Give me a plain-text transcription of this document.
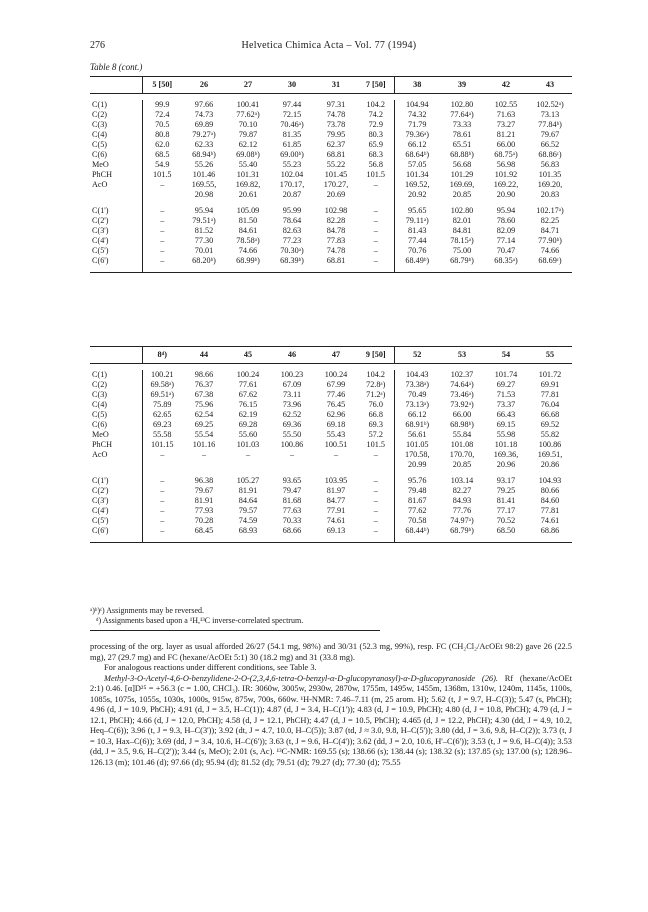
276	Helvetica Chimica Acta – Vol. 77 (1994)
Table 8 (cont.)
	5 [50]	26	27	30	31	7 [50]	38	39	42	43

C(1)	99.9	97.66	100.41	97.44	97.31	104.2	104.94	102.80	102.55	102.52ᵃ)
C(2)	72.4	74.73	77.62ᵃ)	72.15	74.78	74.2	74.32	77.64ᵃ)	71.63	73.13
C(3)	70.5	69.89	70.10	70.46ᵃ)	73.78	72.9	71.79	73.33	73.27	77.84ᵇ)
C(4)	80.8	79.27ᵃ)	79.87	81.35	79.95	80.3	79.36ᵃ)	78.61	81.21	79.67
C(5)	62.0	62.33	62.12	61.85	62.37	65.9	66.12	65.51	66.00	66.52
C(6)	68.5	68.94ᵇ)	69.08ᵇ)	69.00ᵇ)	68.81	68.3	68.64ᵇ)	68.88ᵇ)	68.75ᵃ)	68.86ᶜ)
MeO	54.9	55.26	55.40	55.23	55.22	56.8	57.05	56.68	56.98	56.83
PhCH	101.5	101.46	101.31	102.04	101.45	101.5	101.34	101.29	101.92	101.35
AcO	–	169.55,	169.82,	170.17,	170.27,	–	169.52,	169.69,	169.22,	169.20,
		20.98	20.61	20.87	20.69		20.92	20.85	20.90	20.83

C(1')	–	95.94	105.09	95.99	102.98	–	95.65	102.80	95.94	102.17ᵃ)
C(2')	–	79.51ᵃ)	81.50	78.64	82.28	–	79.11ᵃ)	82.01	78.60	82.25
C(3')	–	81.52	84.61	82.63	84.78	–	81.43	84.81	82.09	84.71
C(4')	–	77.30	78.58ᵃ)	77.23	77.83	–	77.44	78.15ᵃ)	77.14	77.90ᵇ)
C(5')	–	70.01	74.66	70.30ᵃ)	74.78	–	70.76	75.00	70.47	74.66
C(6')	–	68.20ᵇ)	68.99ᵇ)	68.39ᵇ)	68.81	–	68.49ᵇ)	68.79ᵇ)	68.35ᵃ)	68.69ᶜ)

	8ᵈ)	44	45	46	47	9 [50]	52	53	54	55

C(1)	100.21	98.66	100.24	100.23	100.24	104.2	104.43	102.37	101.74	101.72
C(2)	69.58ᵃ)	76.37	77.61	67.09	67.99	72.8ᵃ)	73.38ᵃ)	74.64ᵃ)	69.27	69.91
C(3)	69.51ᵃ)	67.38	67.62	73.11	77.46	71.2ᵃ)	70.49	73.46ᵃ)	71.53	77.81
C(4)	75.89	75.96	76.15	73.96	76.45	76.0	73.13ᵃ)	73.92ᵃ)	73.37	76.04
C(5)	62.65	62.54	62.19	62.52	62.96	66.8	66.12	66.00	66.43	66.68
C(6)	69.23	69.25	69.28	69.36	69.18	69.3	68.91ᵇ)	68.98ᵇ)	69.15	69.52
MeO	55.58	55.54	55.60	55.50	55.43	57.2	56.61	55.84	55.98	55.82
PhCH	101.15	101.16	101.03	100.86	100.51	101.5	101.05	101.08	101.18	100.86
AcO	–	–	–	–	–	–	170.58,	170.70,	169.36,	169.51,
							20.99	20.85	20.96	20.86

C(1')	–	96.38	105.27	93.65	103.95	–	95.76	103.14	93.17	104.93
C(2')	–	79.67	81.91	79.47	81.97	–	79.48	82.27	79.25	80.66
C(3')	–	81.91	84.64	81.68	84.77	–	81.67	84.93	81.41	84.60
C(4')	–	77.93	79.57	77.63	77.91	–	77.62	77.76	77.17	77.81
C(5')	–	70.28	74.59	70.33	74.61	–	70.58	74.97ᵃ)	70.52	74.61
C(6')	–	68.45	68.93	68.66	69.13	–	68.44ᵇ)	68.79ᵇ)	68.50	68.86

ᵃ)ᵇ)ᶜ) Assignments may be reversed.
ᵈ) Assignments based upon a ¹H,¹³C inverse-correlated spectrum.

processing of the org. layer as usual afforded 26/27 (54.1 mg, 98%) and 30/31 (52.3 mg, 99%), resp. FC (CH₂Cl₂/AcOEt 98:2) gave 26 (22.5 mg), 27 (29.7 mg) and FC (hexane/AcOEt 5:1) 30 (18.2 mg) and 31 (33.8 mg).

For analogous reactions under different conditions, see Table 3.

Methyl-3-O-Acetyl-4,6-O-benzylidene-2-O-(2,3,4,6-tetra-O-benzyl-α-D-glucopyranosyl)-α-D-glucopyranoside (26). Rf (hexane/AcOEt 2:1) 0.46. [α]D²⁵ = +56.3 (c = 1.00, CHCl₃). IR: 3060w, 3005w, 2930w, 2870w, 1755m, 1495w, 1455m, 1368m, 1310w, 1240m, 1145s, 1100s, 1085s, 1075s, 1055s, 1030s, 1000s, 915w, 875w, 700s, 660w. ¹H-NMR: 7.46–7.11 (m, 25 arom. H); 5.62 (t, J = 9.7, H–C(3)); 5.47 (s, PhCH); 4.96 (d, J = 10.9, PhCH); 4.91 (d, J = 3.5, H–C(1)); 4.87 (d, J = 3.4, H–C(1')); 4.83 (d, J = 10.9, PhCH); 4.80 (d, J = 10.8, PhCH); 4.79 (d, J = 12.1, PhCH); 4.66 (d, J = 12.0, PhCH); 4.58 (d, J = 12.1, PhCH); 4.47 (d, J = 10.5, PhCH); 4.465 (d, J = 12.2, PhCH); 4.30 (dd, J = 4.9, 10.2, Heq–C(6)); 3.96 (t, J = 9.3, H–C(3')); 3.92 (dt, J = 4.7, 10.0, H–C(5)); 3.87 (td, J ≈ 3.0, 9.8, H–C(5')); 3.80 (dd, J = 3.6, 9.8, H–C(2)); 3.73 (t, J = 10.3, Hax–C(6)); 3.69 (dd, J = 3.4, 10.6, H–C(6')); 3.63 (t, J = 9.6, H–C(4')); 3.62 (dd, J = 2.0, 10.6, H'–C(6')); 3.53 (t, J = 9.6, H–C(4)); 3.53 (dd, J = 3.5, 9.6, H–C(2')); 3.44 (s, MeO); 2.01 (s, Ac). ¹³C-NMR: 169.55 (s); 138.66 (s); 138.44 (s); 138.32 (s); 137.85 (s); 137.00 (s); 128.96–126.13 (m); 101.46 (d); 97.66 (d); 95.94 (d); 81.52 (d); 79.51 (d); 79.27 (d); 77.30 (d); 75.55
